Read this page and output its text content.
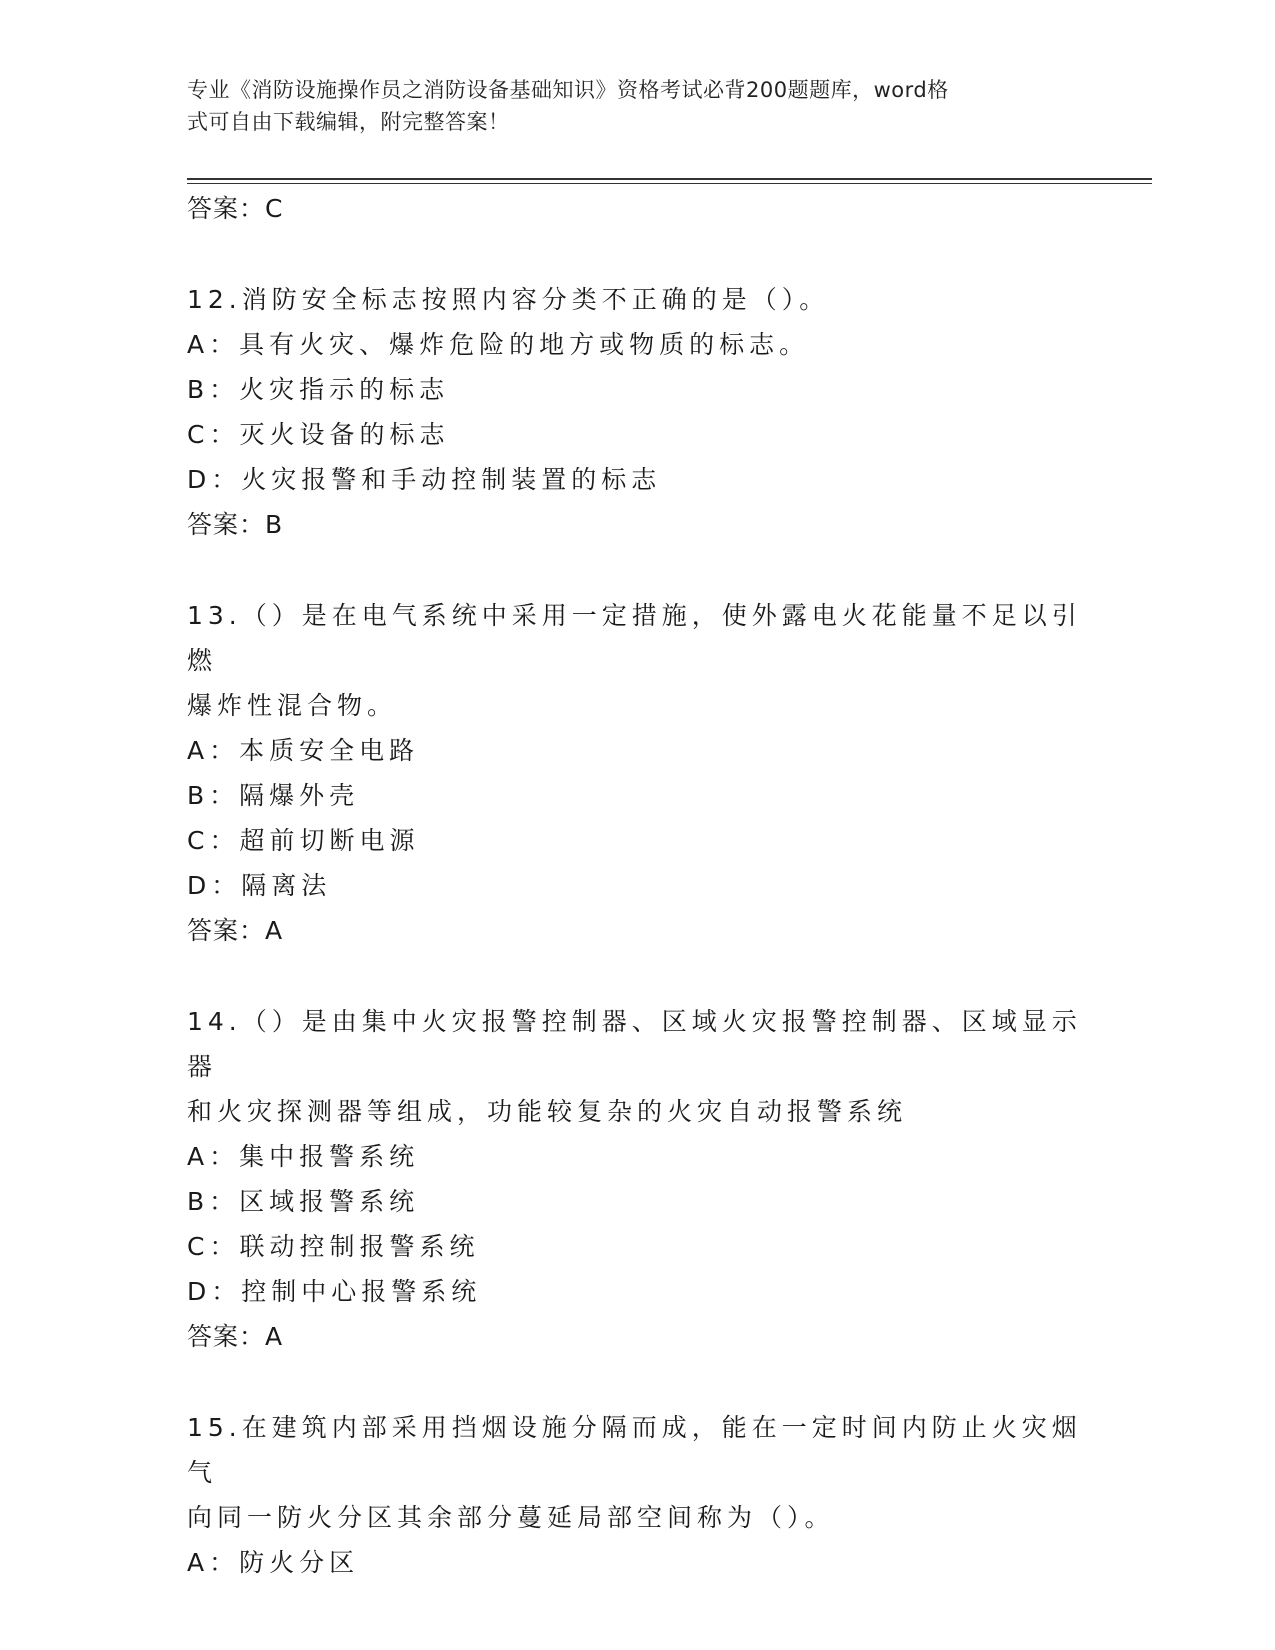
专业《消防设施操作员之消防设备基础知识》资格考试必背200题题库，word格
式可自由下载编辑，附完整答案！
答案：C
12.消防安全标志按照内容分类不正确的是（）。
A：具有火灾、爆炸危险的地方或物质的标志。
B：火灾指示的标志
C：灭火设备的标志
D：火灾报警和手动控制装置的标志
答案：B
13.（）是在电气系统中采用一定措施，使外露电火花能量不足以引燃
爆炸性混合物。
A：本质安全电路
B：隔爆外壳
C：超前切断电源
D：隔离法
答案：A
14.（）是由集中火灾报警控制器、区域火灾报警控制器、区域显示器
和火灾探测器等组成，功能较复杂的火灾自动报警系统
A：集中报警系统
B：区域报警系统
C：联动控制报警系统
D：控制中心报警系统
答案：A
15.在建筑内部采用挡烟设施分隔而成，能在一定时间内防止火灾烟气
向同一防火分区其余部分蔓延局部空间称为（）。
A：防火分区
